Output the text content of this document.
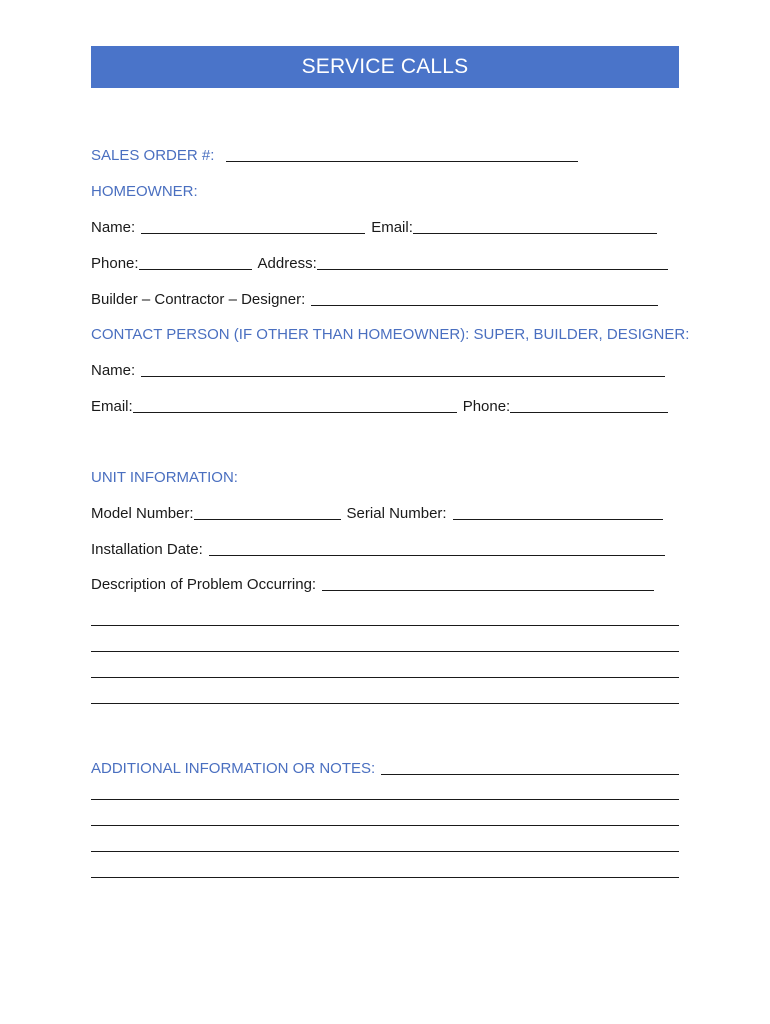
SERVICE CALLS
SALES ORDER #:
HOMEOWNER:
Name:	Email:
Phone:	Address:
Builder – Contractor – Designer:
CONTACT PERSON (IF OTHER THAN HOMEOWNER): SUPER, BUILDER, DESIGNER:
Name:
Email:	Phone:
UNIT INFORMATION:
Model Number:	Serial Number:
Installation Date:
Description of Problem Occurring:
ADDITIONAL INFORMATION OR NOTES:
